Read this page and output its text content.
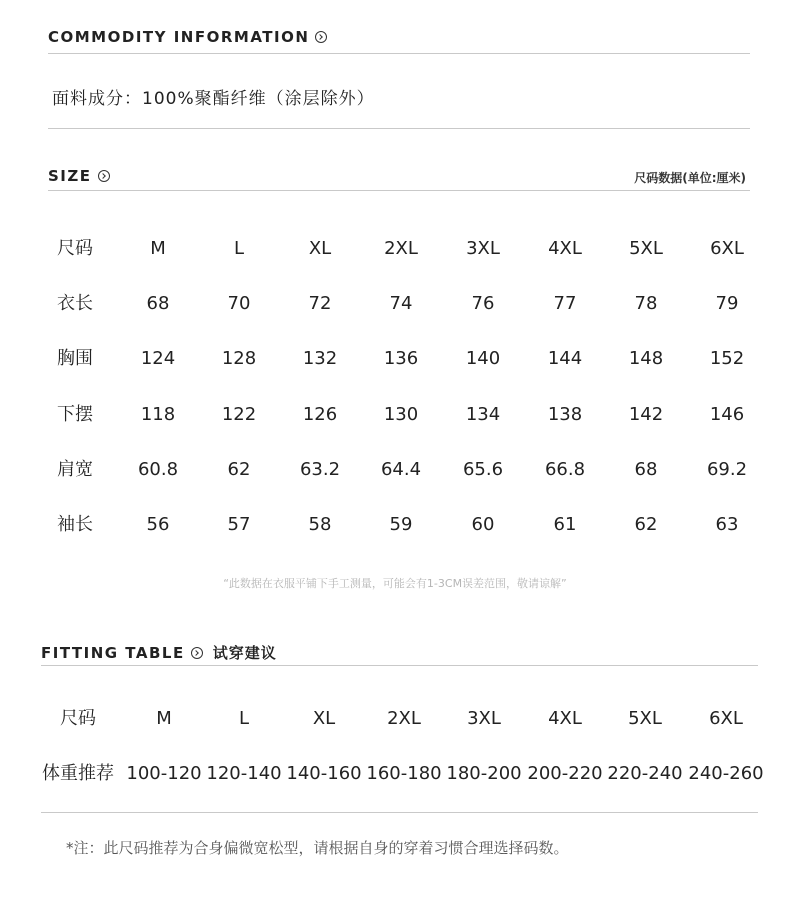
COMMODITY INFORMATION
面料成分：100%聚酯纤维（涂层除外）
SIZE	尺码数据(单位:厘米)
尺码	M	L	XL	2XL	3XL	4XL	5XL	6XL
衣长	68	70	72	74	76	77	78	79
胸围	124	128	132	136	140	144	148	152
下摆	118	122	126	130	134	138	142	146
肩宽	60.8	62	63.2	64.4	65.6	66.8	68	69.2
袖长	56	57	58	59	60	61	62	63
“此数据在衣服平铺下手工测量，可能会有1-3CM误差范围，敬请谅解”
FITTING TABLE 试穿建议
尺码	M	L	XL	2XL	3XL	4XL	5XL	6XL
体重推荐 100-120 120-140 140-160 160-180 180-200 200-220 220-240 240-260
*注：此尺码推荐为合身偏微宽松型，请根据自身的穿着习惯合理选择码数。
